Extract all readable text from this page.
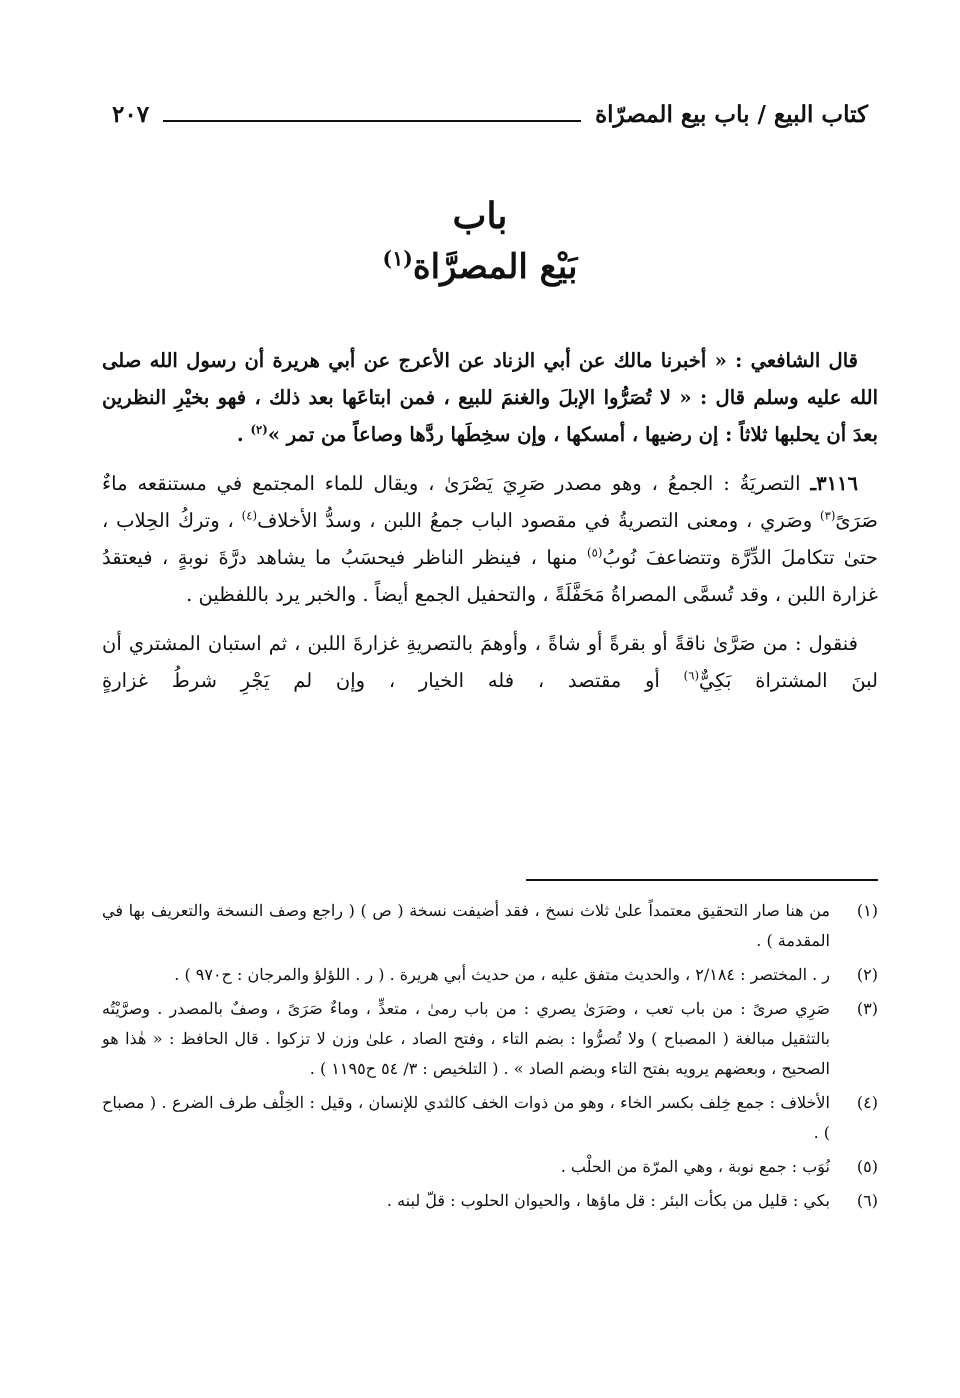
كتاب البيع / باب بيع المصرّاة
٢٠٧
باب
بَيْع المصرَّاة$^{(١)}$

قال الشافعي : « أخبرنا مالك عن أبي الزناد عن الأعرج عن أبي هريرة أن رسول الله صلى الله عليه وسلم قال : « لا تُصَرُّوا الإبلَ والغنمَ للبيع ، فمن ابتاعَها بعد ذلك ، فهو بخيْرِ النظرين بعدَ أن يحلبها ثلاثاً : إن رضيها ، أمسكها ، وإن سخِطَها ردَّها وصاعاً من تمر »$^{(٢)}$ .

٣١١٦ـ التصريَةُ : الجمعُ ، وهو مصدر صَرِيَ يَصْرَىٰ ، ويقال للماء المجتمع في مستنقعه ماءٌ صَرَىً$^{(٣)}$ وصَري ، ومعنى التصريةُ في مقصود الباب جمعُ اللبن ، وسدُّ الأخلاف$^{(٤)}$ ، وتركُ الحِلاب ، حتىٰ تتكاملَ الدِّرَّة وتتضاعفَ نُوبُ$^{(٥)}$ منها ، فينظر الناظر فيحسَبُ ما يشاهد درَّةَ نوبةٍ ، فيعتقدُ غزارة اللبن ، وقد تُسمَّى المصراةُ مَحَفَّلَةً ، والتحفيل الجمع أيضاً . والخبر يرد باللفظين .

فنقول : من صَرَّىٰ ناقةً أو بقرةً أو شاةً ، وأوهمَ بالتصريةِ غزارةَ اللبن ، ثم استبان المشتري أن لبنَ المشتراة بَكِيٌّ$^{(٦)}$ أو مقتصد ، فله الخيار ، وإن لم يَجْرِ شرطُ غزارةٍ

(١)
من هنا صار التحقيق معتمداً علىٰ ثلاث نسخ ، فقد أضيفت نسخة ( ص ) ( راجع وصف النسخة والتعريف بها في المقدمة ) .
(٢)
ر . المختصر : ٢/١٨٤ ، والحديث متفق عليه ، من حديث أبي هريرة . ( ر . اللؤلؤ والمرجان : ح٩٧٠ ) .
(٣)
صَرِي صرىً : من باب تعب ، وصَرَىٰ يصري : من باب رمىٰ ، متعدٍّ ، وماءٌ صَرَىً ، وصفٌ بالمصدر . وصرَّيْتُه بالتثقيل مبالغة ( المصباح ) ولا تُصرُّوا : بضم التاء ، وفتح الصاد ، علىٰ وزن لا تزكوا . قال الحافظ : « هٰذا هو الصحيح ، وبعضهم يرويه بفتح التاء وبضم الصاد » . ( التلخيص : ٣/ ٥٤ ح١١٩٥ ) .
(٤)
الأخلاف : جمع خِلف بكسر الخاء ، وهو من ذوات الخف كالثدي للإنسان ، وقيل : الخِلْف طرف الضرع . ( مصباح ) .
(٥)
نُوَب : جمع نوبة ، وهي المرّة من الحلْب .
(٦)
بكي : قليل من بكأت البئر : قل ماؤها ، والحيوان الحلوب : قلّ لبنه .
